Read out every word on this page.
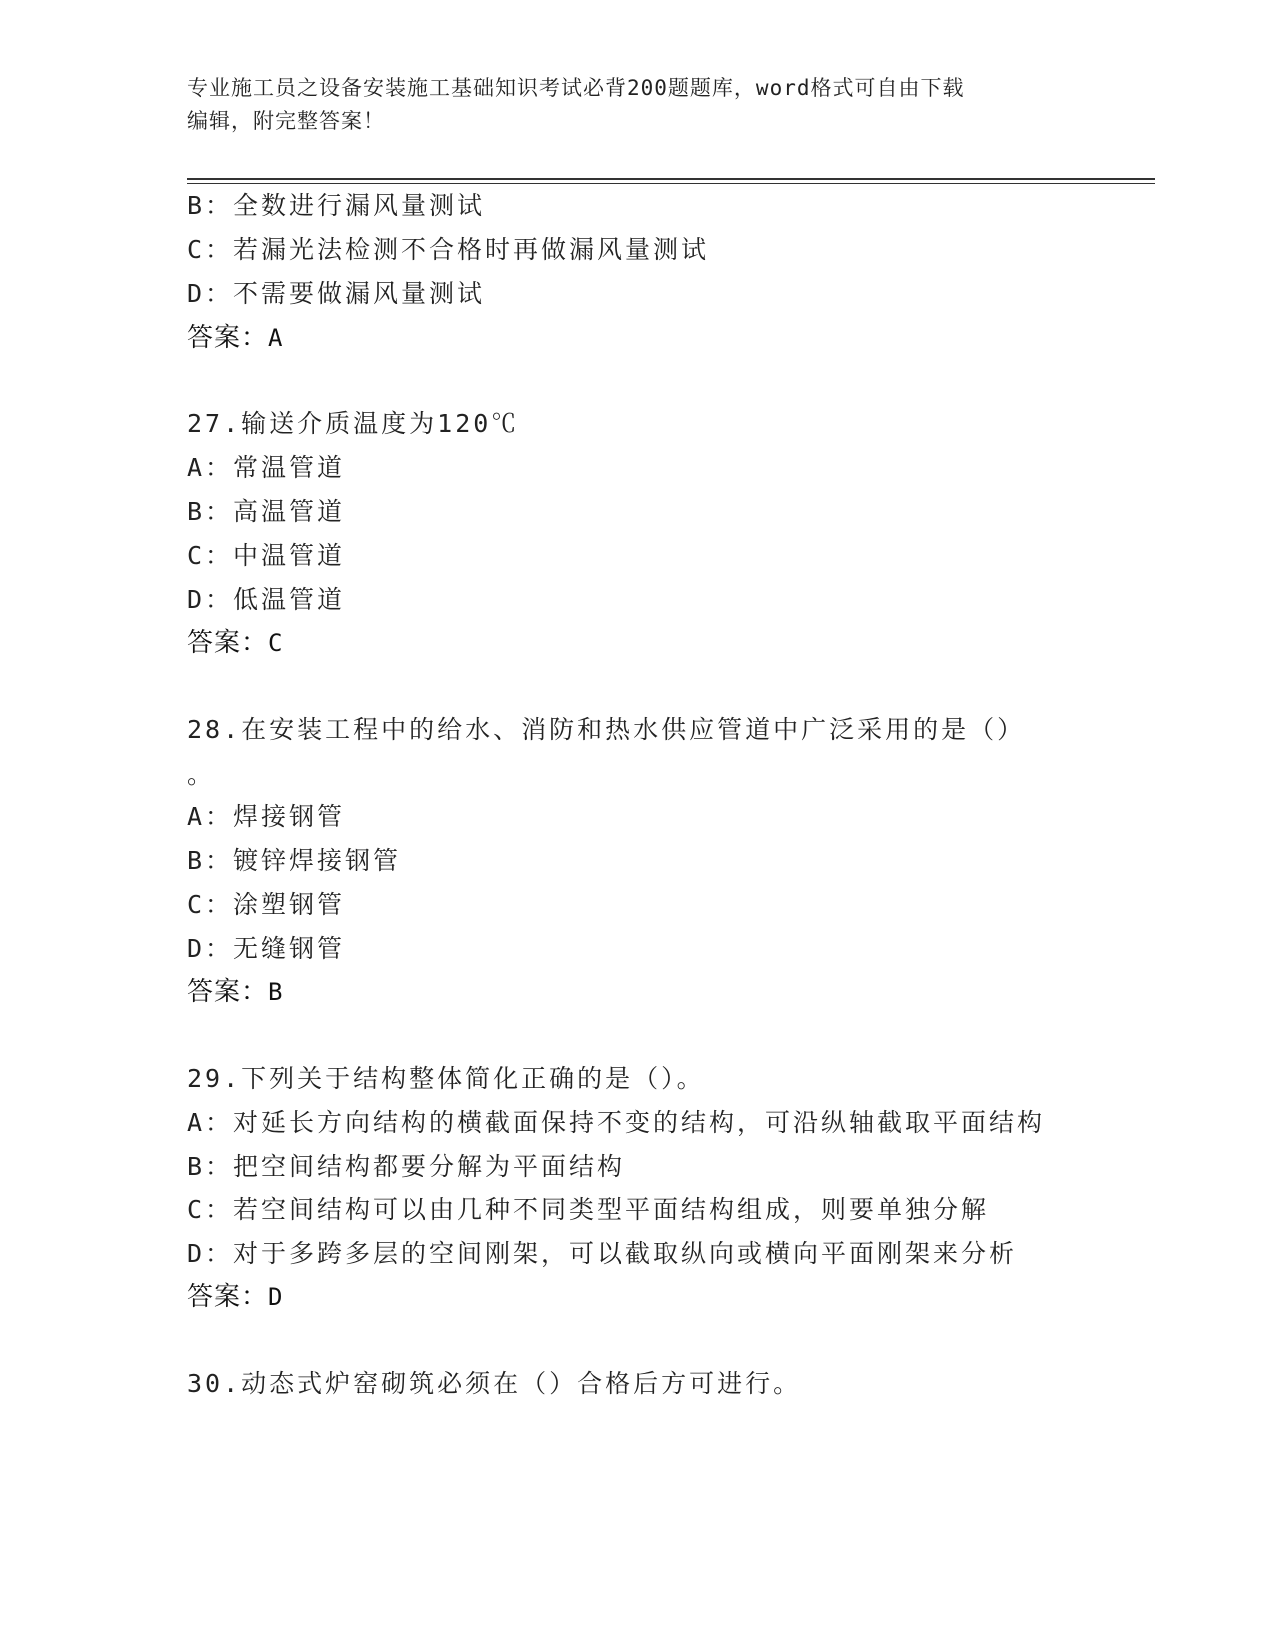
专业施工员之设备安装施工基础知识考试必背200题题库，word格式可自由下载
编辑，附完整答案！
B：全数进行漏风量测试
C：若漏光法检测不合格时再做漏风量测试
D：不需要做漏风量测试
答案：A
27.输送介质温度为120℃
A：常温管道
B：高温管道
C：中温管道
D：低温管道
答案：C
28.在安装工程中的给水、消防和热水供应管道中广泛采用的是（）
。
A：焊接钢管
B：镀锌焊接钢管
C：涂塑钢管
D：无缝钢管
答案：B
29.下列关于结构整体简化正确的是（）。
A：对延长方向结构的横截面保持不变的结构，可沿纵轴截取平面结构
B：把空间结构都要分解为平面结构
C：若空间结构可以由几种不同类型平面结构组成，则要单独分解
D：对于多跨多层的空间刚架，可以截取纵向或横向平面刚架来分析
答案：D
30.动态式炉窑砌筑必须在（）合格后方可进行。
